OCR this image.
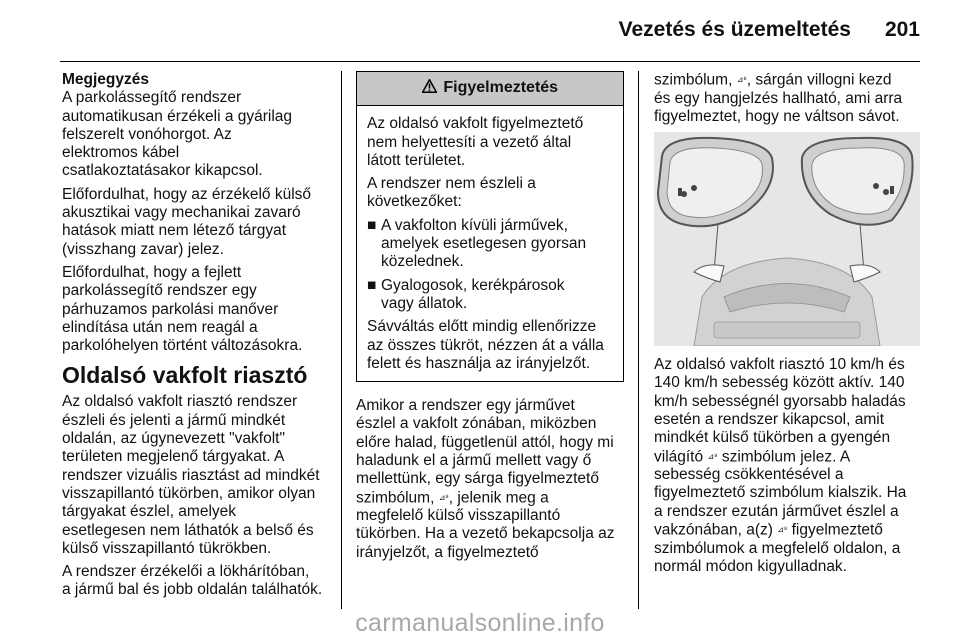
Vezetés és üzemeltetés 201
Megjegyzés
A parkolássegítő rendszer
automatikusan érzékeli a gyárilag
felszerelt vonóhorgot. Az
elektromos kábel
csatlakoztatásakor kikapcsol.
Előfordulhat, hogy az érzékelő külső
akusztikai vagy mechanikai zavaró
hatások miatt nem létező tárgyat
(visszhang zavar) jelez.
Előfordulhat, hogy a fejlett
parkolássegítő rendszer egy
párhuzamos parkolási manőver
elindítása után nem reagál a
parkolóhelyen történt változásokra.
Oldalsó vakfolt riasztó
Az oldalsó vakfolt riasztó rendszer
észleli és jelenti a jármű mindkét
oldalán, az úgynevezett "vakfolt"
területen megjelenő tárgyakat. A
rendszer vizuális riasztást ad mindkét
visszapillantó tükörben, amikor olyan
tárgyakat észlel, amelyek
esetlegesen nem láthatók a belső és
külső visszapillantó tükrökben.
A rendszer érzékelői a lökhárítóban,
a jármű bal és jobb oldalán találhatók.
Figyelmeztetés
Az oldalsó vakfolt figyelmeztető
nem helyettesíti a vezető által
látott területet.
A rendszer nem észleli a
következőket:
■ A vakfolton kívüli járművek,
amelyek esetlegesen gyorsan
közelednek.
■ Gyalogosok, kerékpárosok
vagy állatok.
Sávváltás előtt mindig ellenőrizze
az összes tükröt, nézzen át a válla
felett és használja az irányjelzőt.
Amikor a rendszer egy járművet
észlel a vakfolt zónában, miközben
előre halad, függetlenül attól, hogy mi
haladunk el a jármű mellett vagy ő
mellettünk, egy sárga figyelmeztető
szimbólum, ⊿⁸, jelenik meg a
megfelelő külső visszapillantó
tükörben. Ha a vezető bekapcsolja az
irányjelzőt, a figyelmeztető
szimbólum, ⊿⁸, sárgán villogni kezd
és egy hangjelzés hallható, ami arra
figyelmeztet, hogy ne váltson sávot.
Az oldalsó vakfolt riasztó 10 km/h és
140 km/h sebesség között aktív. 140
km/h sebességnél gyorsabb haladás
esetén a rendszer kikapcsol, amit
mindkét külső tükörben a gyengén
világító ⊿⁸ szimbólum jelez. A
sebesség csökkentésével a
figyelmeztető szimbólum kialszik. Ha
a rendszer ezután járművet észlel a
vakzónában, a(z) ⊿⁸ figyelmeztető
szimbólumok a megfelelő oldalon, a
normál módon kigyulladnak.
carmanualsonline.info
